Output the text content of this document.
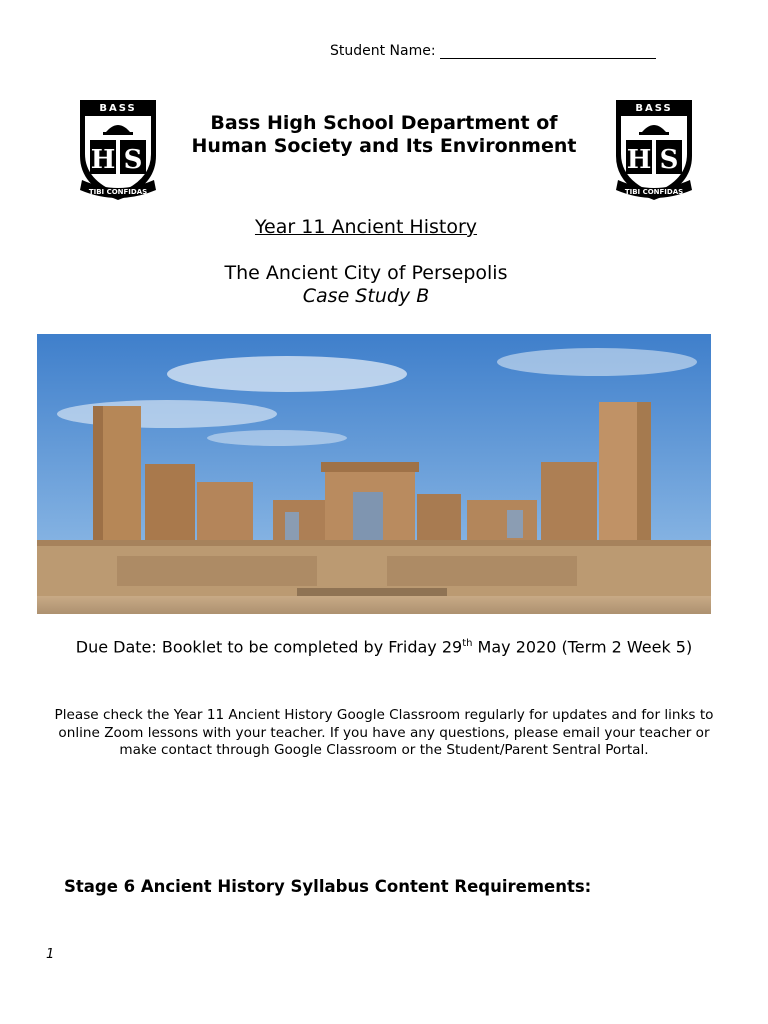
Student Name:
BASS
H S
TIBI CONFIDAS
Bass High School Department of
Human Society and Its Environment
BASS
H S
TIBI CONFIDAS
Year 11 Ancient History
The Ancient City of Persepolis
Case Study B
Due Date: Booklet to be completed by Friday 29th May 2020 (Term 2 Week 5)
Please check the Year 11 Ancient History Google Classroom regularly for updates and for links to online Zoom lessons with your teacher. If you have any questions, please email your teacher or make contact through Google Classroom or the Student/Parent Sentral Portal.
Stage 6 Ancient History Syllabus Content Requirements:
1
